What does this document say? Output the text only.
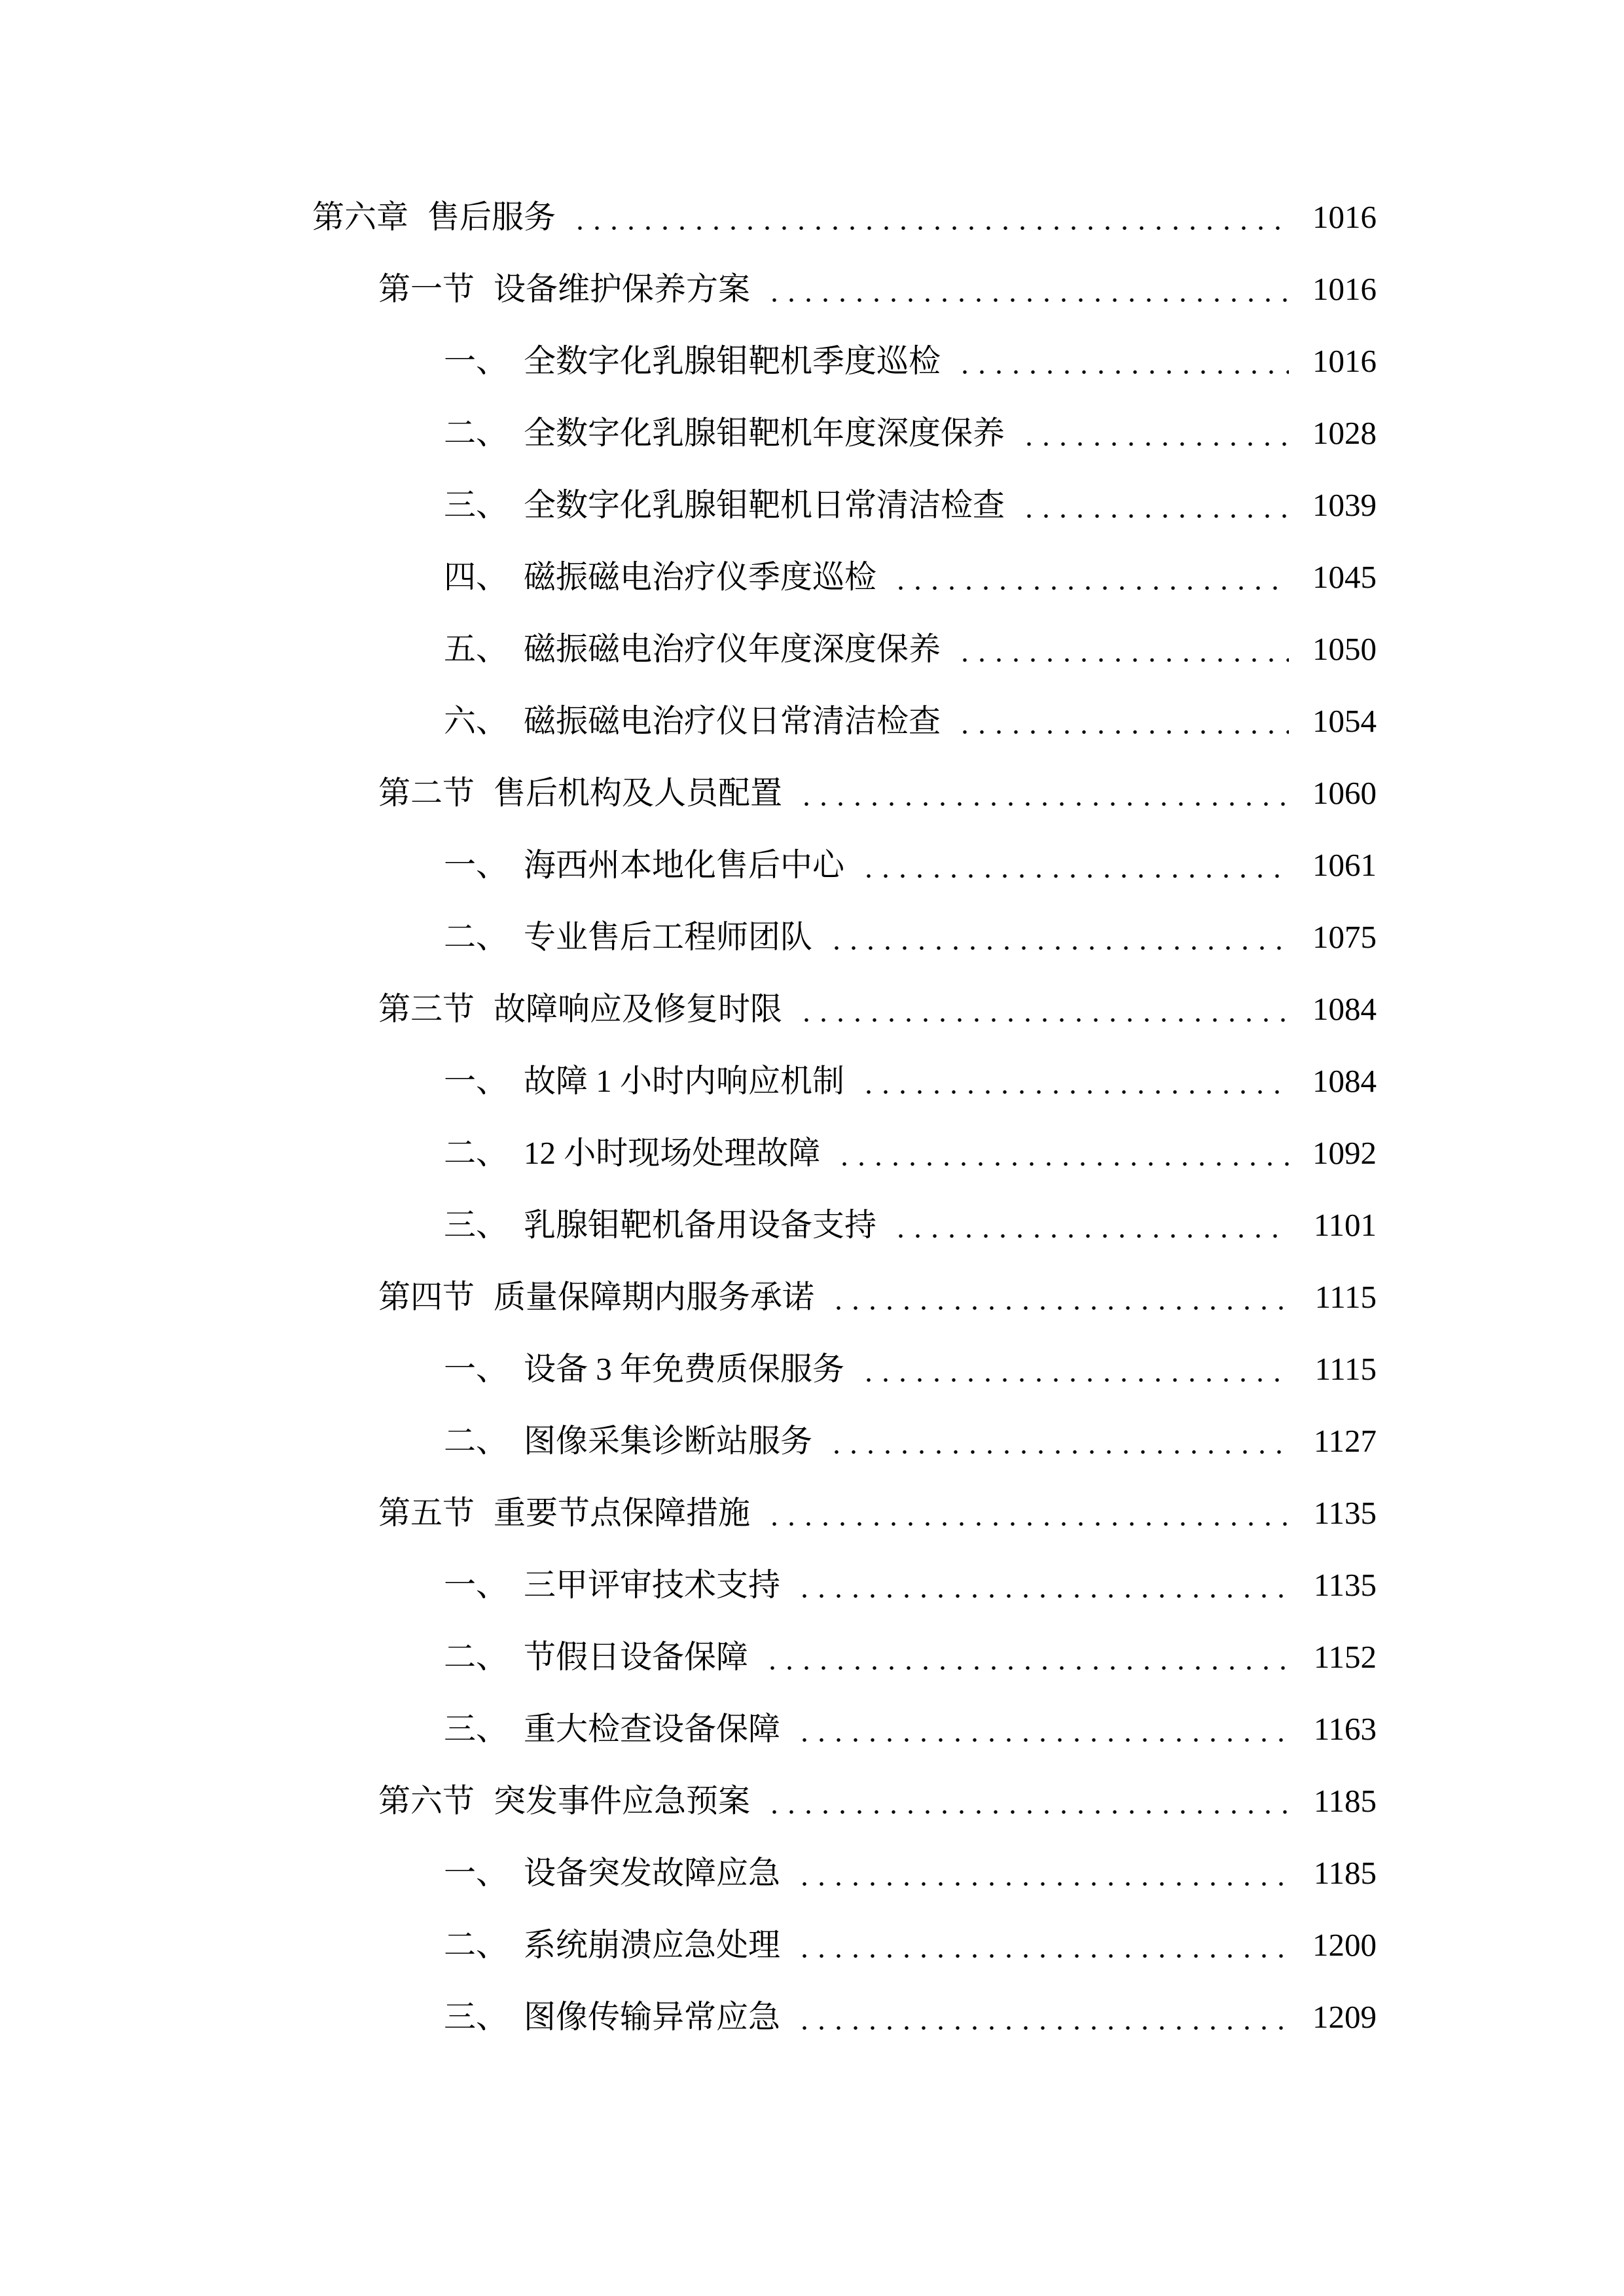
第六章 售后服务	1016
第一节 设备维护保养方案	1016
一、 全数字化乳腺钼靶机季度巡检	1016
二、 全数字化乳腺钼靶机年度深度保养	1028
三、 全数字化乳腺钼靶机日常清洁检查	1039
四、 磁振磁电治疗仪季度巡检	1045
五、 磁振磁电治疗仪年度深度保养	1050
六、 磁振磁电治疗仪日常清洁检查	1054
第二节 售后机构及人员配置	1060
一、 海西州本地化售后中心	1061
二、 专业售后工程师团队	1075
第三节 故障响应及修复时限	1084
一、 故障 1 小时内响应机制	1084
二、 12 小时现场处理故障	1092
三、 乳腺钼靶机备用设备支持	1101
第四节 质量保障期内服务承诺	1115
一、 设备 3 年免费质保服务	1115
二、 图像采集诊断站服务	1127
第五节 重要节点保障措施	1135
一、 三甲评审技术支持	1135
二、 节假日设备保障	1152
三、 重大检查设备保障	1163
第六节 突发事件应急预案	1185
一、 设备突发故障应急	1185
二、 系统崩溃应急处理	1200
三、 图像传输异常应急	1209
